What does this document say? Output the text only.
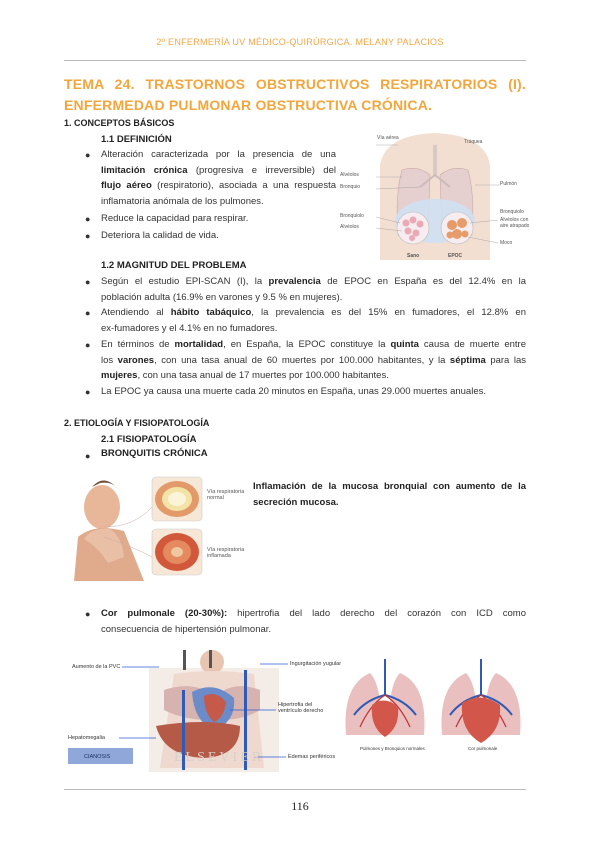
2º ENFERMERÍA UV MÉDICO-QUIRÚRGICA. MELANY PALACIOS
TEMA 24. TRASTORNOS OBSTRUCTIVOS RESPIRATORIOS (I).
ENFERMEDAD PULMONAR OBSTRUCTIVA CRÓNICA.
1. CONCEPTOS BÁSICOS
1.1 DEFINICIÓN
● Alteración caracterizada por la presencia de una
limitación crónica (progresiva e irreversible) del
flujo aéreo (respiratorio), asociada a una respuesta
inflamatoria anómala de los pulmones.
● Reduce la capacidad para respirar.
● Deteriora la calidad de vida.
Vía aérea
Alvéolos
Bronquio
Bronquiolo
Alvéolos
Tráquea
Pulmón
Bronquiolo
Alvéolos con aire atrapado
Moco
Sano	EPOC
1.2 MAGNITUD DEL PROBLEMA
● Según el estudio EPI-SCAN (I), la prevalencia de EPOC en España es del 12.4% en la
población adulta (16.9% en varones y 9.5 % en mujeres).
● Atendiendo al hábito tabáquico, la prevalencia es del 15% en fumadores, el 12.8% en
ex-fumadores y el 4.1% en no fumadores.
● En términos de mortalidad, en España, la EPOC constituye la quinta causa de muerte entre
los varones, con una tasa anual de 60 muertes por 100.000 habitantes, y la séptima para las
mujeres, con una tasa anual de 17 muertes por 100.000 habitantes.
● La EPOC ya causa una muerte cada 20 minutos en España, unas 29.000 muertes anuales.
2. ETIOLOGÍA Y FISIOPATOLOGÍA
2.1 FISIOPATOLOGÍA
● BRONQUITIS CRÓNICA
Vía respiratoria normal
Vía respiratoria inflamada
Inflamación de la mucosa bronquial con aumento de la secreción mucosa.
● Cor pulmonale (20-30%): hipertrofia del lado derecho del corazón con ICD como
consecuencia de hipertensión pulmonar.
Aumento de la PVC
Hepatomegalia
CIANOSIS
Ingurgitación yugular
Hipertrofia del ventrículo derecho
Edemas periféricos
ELSEVIER
Pulmones y Bronquios normales	Cor pulmonale
116
